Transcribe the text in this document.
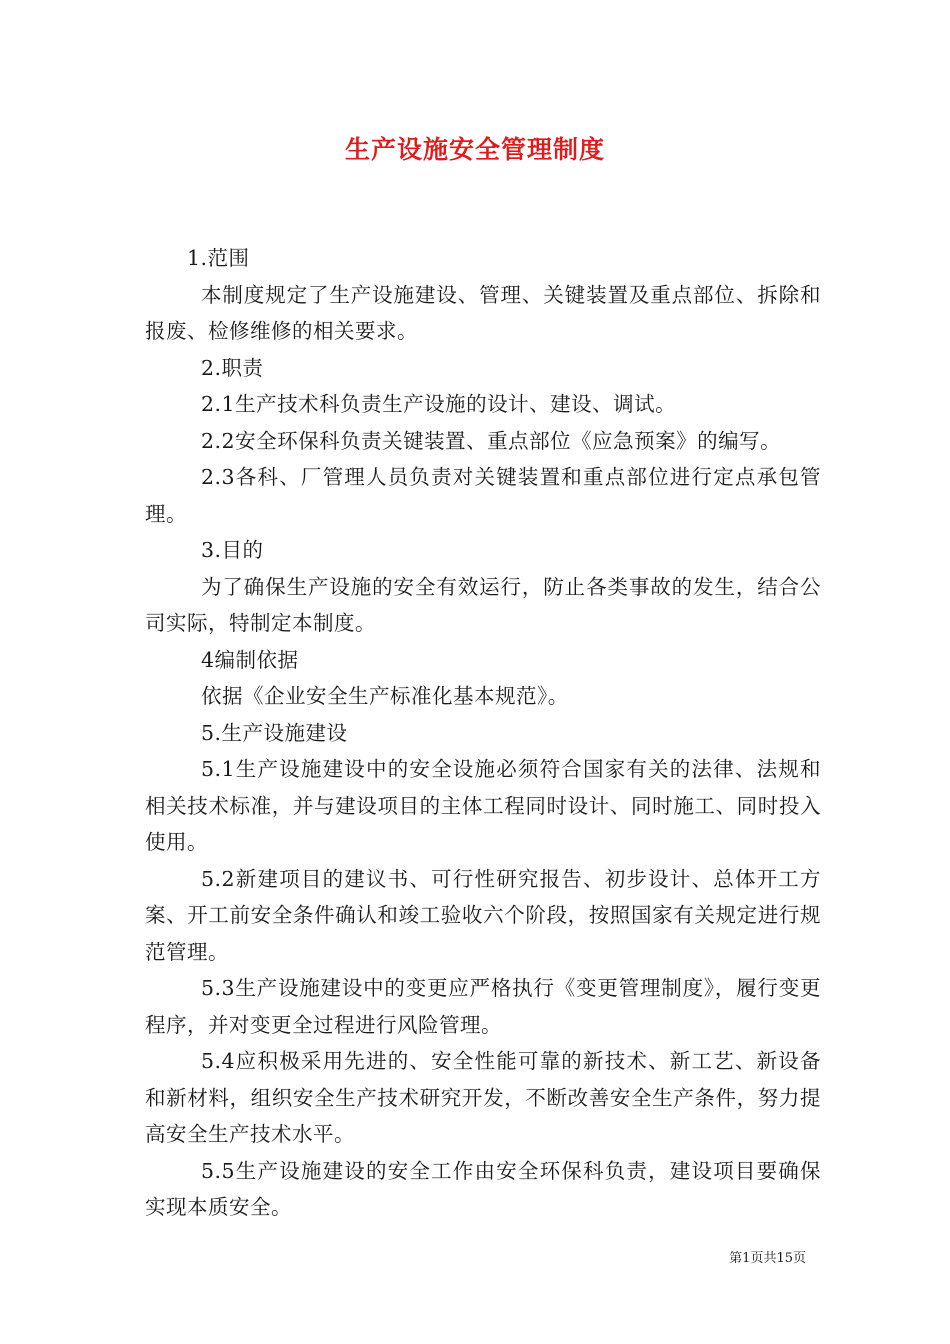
生产设施安全管理制度

1.范围

本制度规定了生产设施建设、管理、关键装置及重点部位、拆除和报废、检修维修的相关要求。

2.职责

2.1生产技术科负责生产设施的设计、建设、调试。

2.2安全环保科负责关键装置、重点部位《应急预案》的编写。

2.3各科、厂管理人员负责对关键装置和重点部位进行定点承包管理。

3.目的

为了确保生产设施的安全有效运行，防止各类事故的发生，结合公司实际，特制定本制度。

4编制依据

依据《企业安全生产标准化基本规范》。

5.生产设施建设

5.1生产设施建设中的安全设施必须符合国家有关的法律、法规和相关技术标准，并与建设项目的主体工程同时设计、同时施工、同时投入使用。

5.2新建项目的建议书、可行性研究报告、初步设计、总体开工方案、开工前安全条件确认和竣工验收六个阶段，按照国家有关规定进行规范管理。

5.3生产设施建设中的变更应严格执行《变更管理制度》，履行变更程序，并对变更全过程进行风险管理。

5.4应积极采用先进的、安全性能可靠的新技术、新工艺、新设备和新材料，组织安全生产技术研究开发，不断改善安全生产条件，努力提高安全生产技术水平。

5.5生产设施建设的安全工作由安全环保科负责，建设项目要确保实现本质安全。

第1页共15页
